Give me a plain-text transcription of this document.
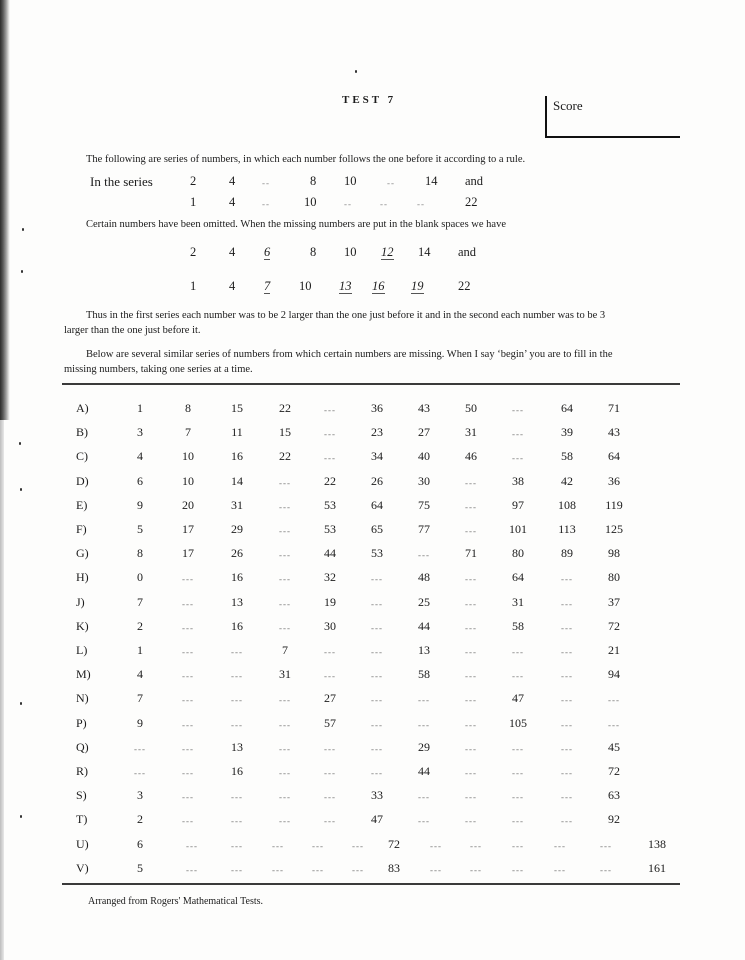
TEST 7	Score
The following are series of numbers, in which each number follows the one before it according to a rule.
In the series	2	4	--	8 10	-- 14 and
1	4	--	10	--	--	--	22
Certain numbers have been omitted. When the missing numbers are put in the blank spaces we have
2	4 6	8 10 12 14 and
1	4 7 10 13 16 19	22
Thus in the first series each number was to be 2 larger than the one just before it and in the second each number was to be 3
larger than the one just before it.
Below are several similar series of numbers from which certain numbers are missing. When I say ‘begin’ you are to fill in the
missing numbers, taking one series at a time.
A)	1	8	15	22	---	36	43	50	---	64	71
B)	3	7	11	15	---	23	27	31	---	39	43
C)	4	10	16	22	---	34	40	46	---	58	64
D)	6	10	14	---	22	26	30	---	38	42	36
E)	9	20	31	---	53	64	75	---	97	108	119
F)	5	17	29	---	53	65	77	---	101	113	125
G)	8	17	26	---	44	53	---	71	80	89	98
H)	0	---	16	---	32	---	48	---	64	---	80
J)	7	---	13	---	19	---	25	---	31	---	37
K)	2	---	16	---	30	---	44	---	58	---	72
L)	1	---	---	7	---	---	13	---	---	---	21
M)	4	---	---	31	---	---	58	---	---	---	94
N)	7	---	---	---	27	---	---	---	47	---	---
P)	9	---	---	---	57	---	---	---	105	---	---
Q)	---	---	13	---	---	---	29	---	---	---	45
R)	---	---	16	---	---	---	44	---	---	---	72
S)	3	---	---	---	---	33	---	---	---	---	63
T)	2	---	---	---	---	47	---	---	---	---	92
U)	6	---	---	---	---	---	72	---	---	---	---	---	138
V)	5	---	---	---	---	---	83	---	---	---	---	---	161
Arranged from Rogers' Mathematical Tests.
